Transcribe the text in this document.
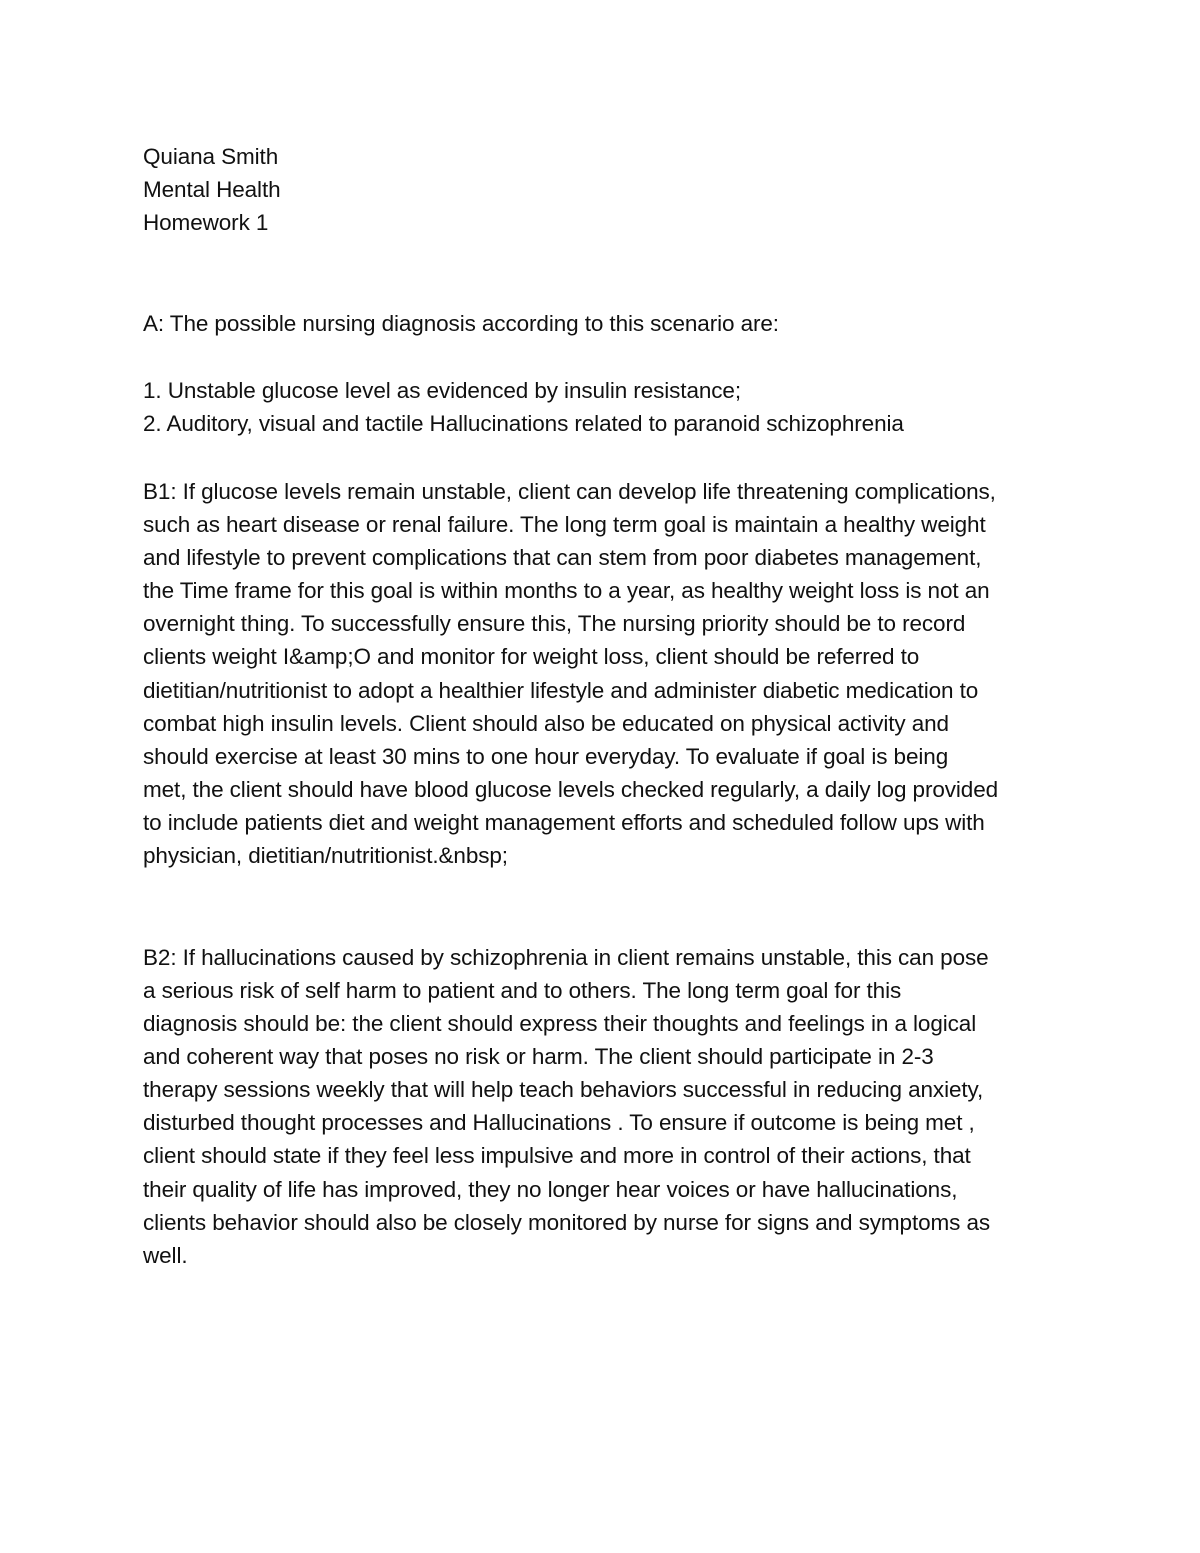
Quiana Smith
Mental Health
Homework 1
A: The possible nursing diagnosis according to this scenario are:
1. Unstable glucose level as evidenced by insulin resistance;
2. Auditory, visual and tactile Hallucinations related to paranoid schizophrenia
B1: If glucose levels remain unstable, client can develop life threatening complications,
such as heart disease or renal failure. The long term goal is maintain a healthy weight
and lifestyle to prevent complications that can stem from poor diabetes management,
the Time frame for this goal is within months to a year, as healthy weight loss is not an
overnight thing. To successfully ensure this, The nursing priority should be to record
clients weight I&amp;O and monitor for weight loss, client should be referred to
dietitian/nutritionist to adopt a healthier lifestyle and administer diabetic medication to
combat high insulin levels. Client should also be educated on physical activity and
should exercise at least 30 mins to one hour everyday. To evaluate if goal is being
met, the client should have blood glucose levels checked regularly, a daily log provided
to include patients diet and weight management efforts and scheduled follow ups with
physician, dietitian/nutritionist.&nbsp;
B2: If hallucinations caused by schizophrenia in client remains unstable, this can pose
a serious risk of self harm to patient and to others. The long term goal for this
diagnosis should be: the client should express their thoughts and feelings in a logical
and coherent way that poses no risk or harm. The client should participate in 2-3
therapy sessions weekly that will help teach behaviors successful in reducing anxiety,
disturbed thought processes and Hallucinations . To ensure if outcome is being met ,
client should state if they feel less impulsive and more in control of their actions, that
their quality of life has improved, they no longer hear voices or have hallucinations,
clients behavior should also be closely monitored by nurse for signs and symptoms as
well.
